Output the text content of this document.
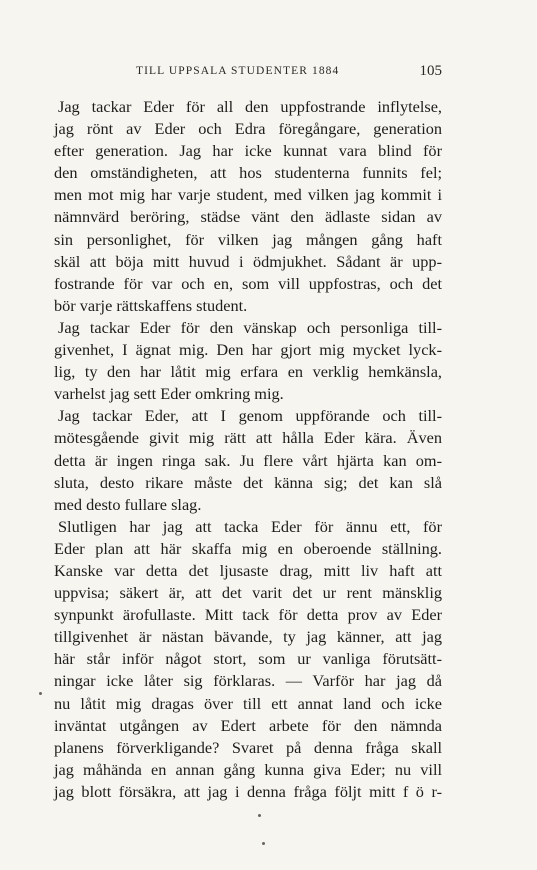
TILL UPPSALA STUDENTER 1884	105
Jag tackar Eder för all den uppfostrande inflytelse,
jag rönt av Eder och Edra föregångare, generation
efter generation. Jag har icke kunnat vara blind för
den omständigheten, att hos studenterna funnits fel;
men mot mig har varje student, med vilken jag kommit i
nämnvärd beröring, städse vänt den ädlaste sidan av
sin personlighet, för vilken jag mången gång haft
skäl att böja mitt huvud i ödmjukhet. Sådant är upp-
fostrande för var och en, som vill uppfostras, och det
bör varje rättskaffens student.
Jag tackar Eder för den vänskap och personliga till-
givenhet, I ägnat mig. Den har gjort mig mycket lyck-
lig, ty den har låtit mig erfara en verklig hemkänsla,
varhelst jag sett Eder omkring mig.
Jag tackar Eder, att I genom uppförande och till-
mötesgående givit mig rätt att hålla Eder kära. Även
detta är ingen ringa sak. Ju flere vårt hjärta kan om-
sluta, desto rikare måste det känna sig; det kan slå
med desto fullare slag.
Slutligen har jag att tacka Eder för ännu ett, för
Eder plan att här skaffa mig en oberoende ställning.
Kanske var detta det ljusaste drag, mitt liv haft att
uppvisa; säkert är, att det varit det ur rent mänsklig
synpunkt ärofullaste. Mitt tack för detta prov av Eder
tillgivenhet är nästan bävande, ty jag känner, att jag
här står inför något stort, som ur vanliga förutsätt-
ningar icke låter sig förklaras. — Varför har jag då
nu låtit mig dragas över till ett annat land och icke
inväntat utgången av Edert arbete för den nämnda
planens förverkligande? Svaret på denna fråga skall
jag måhända en annan gång kunna giva Eder; nu vill
jag blott försäkra, att jag i denna fråga följt mitt f ö r-
